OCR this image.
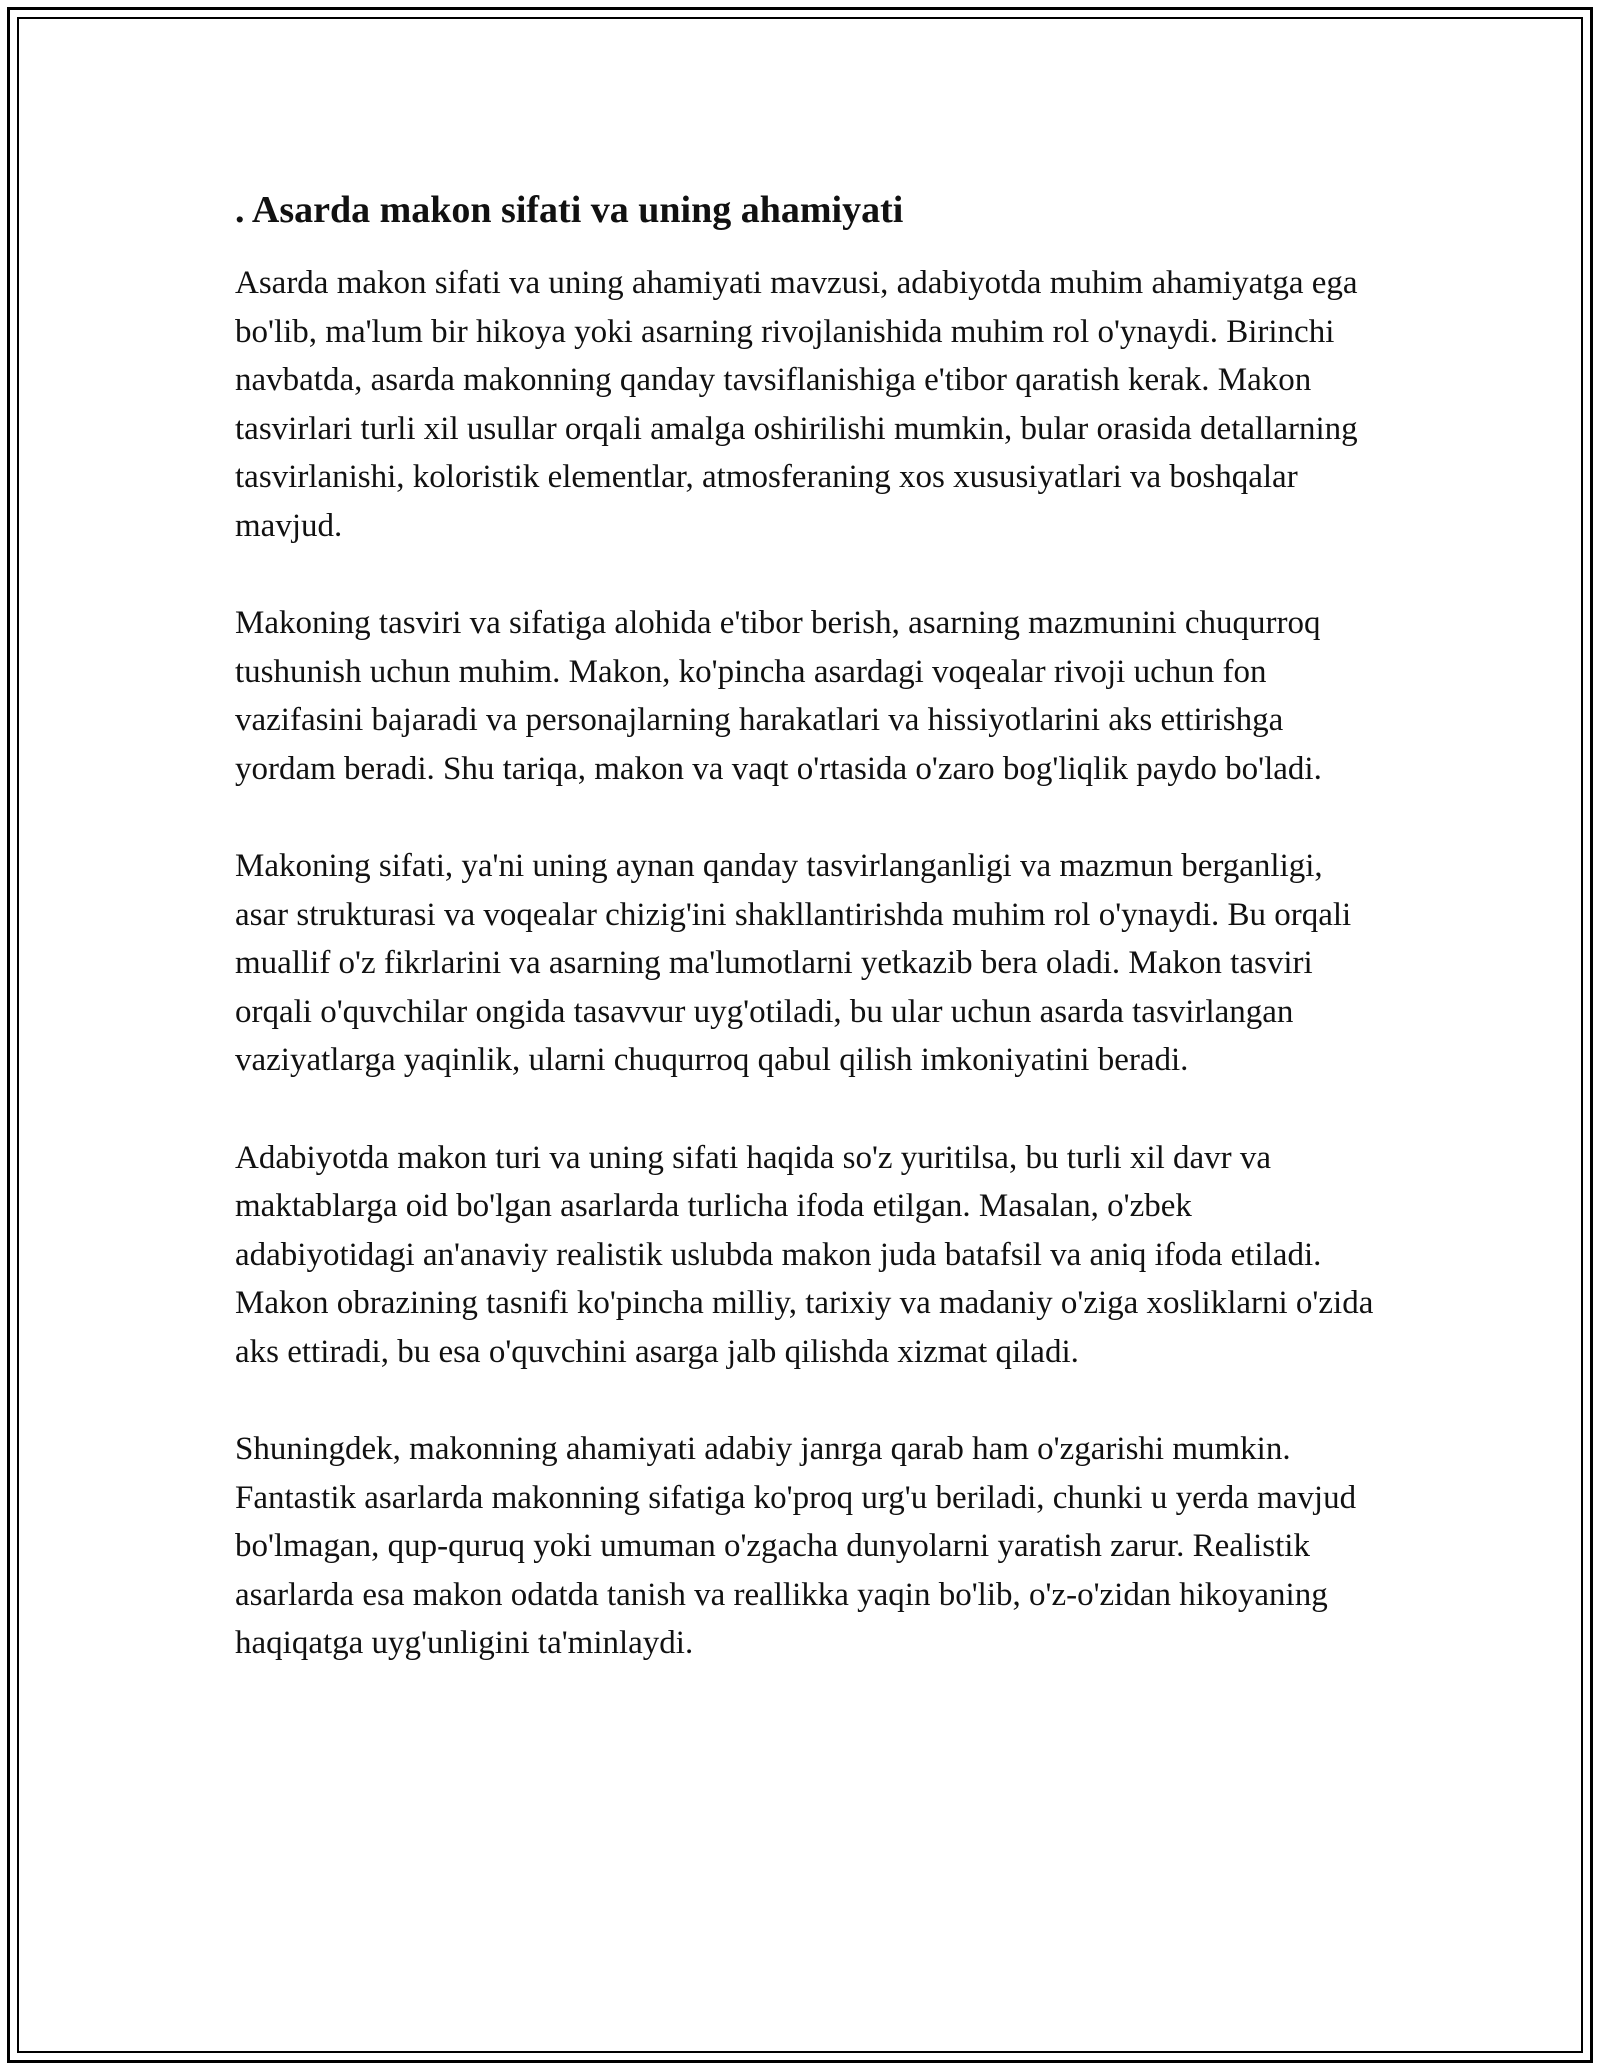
. Asarda makon sifati va uning ahamiyati

Asarda makon sifati va uning ahamiyati mavzusi, adabiyotda muhim ahamiyatga ega bo'lib, ma'lum bir hikoya yoki asarning rivojlanishida muhim rol o'ynaydi. Birinchi navbatda, asarda makonning qanday tavsiflanishiga e'tibor qaratish kerak. Makon tasvirlari turli xil usullar orqali amalga oshirilishi mumkin, bular orasida detallarning tasvirlanishi, koloristik elementlar, atmosferaning xos xususiyatlari va boshqalar mavjud.

Makoning tasviri va sifatiga alohida e'tibor berish, asarning mazmunini chuqurroq tushunish uchun muhim. Makon, ko'pincha asardagi voqealar rivoji uchun fon vazifasini bajaradi va personajlarning harakatlari va hissiyotlarini aks ettirishga yordam beradi. Shu tariqa, makon va vaqt o'rtasida o'zaro bog'liqlik paydo bo'ladi.

Makoning sifati, ya'ni uning aynan qanday tasvirlanganligi va mazmun berganligi, asar strukturasi va voqealar chizig'ini shakllantirishda muhim rol o'ynaydi. Bu orqali muallif o'z fikrlarini va asarning ma'lumotlarni yetkazib bera oladi. Makon tasviri orqali o'quvchilar ongida tasavvur uyg'otiladi, bu ular uchun asarda tasvirlangan vaziyatlarga yaqinlik, ularni chuqurroq qabul qilish imkoniyatini beradi.

Adabiyotda makon turi va uning sifati haqida so'z yuritilsa, bu turli xil davr va maktablarga oid bo'lgan asarlarda turlicha ifoda etilgan. Masalan, o'zbek adabiyotidagi an'anaviy realistik uslubda makon juda batafsil va aniq ifoda etiladi. Makon obrazining tasnifi ko'pincha milliy, tarixiy va madaniy o'ziga xosliklarni o'zida aks ettiradi, bu esa o'quvchini asarga jalb qilishda xizmat qiladi.

Shuningdek, makonning ahamiyati adabiy janrga qarab ham o'zgarishi mumkin. Fantastik asarlarda makonning sifatiga ko'proq urg'u beriladi, chunki u yerda mavjud bo'lmagan, qup-quruq yoki umuman o'zgacha dunyolarni yaratish zarur. Realistik asarlarda esa makon odatda tanish va reallikka yaqin bo'lib, o'z-o'zidan hikoyaning haqiqatga uyg'unligini ta'minlaydi.
